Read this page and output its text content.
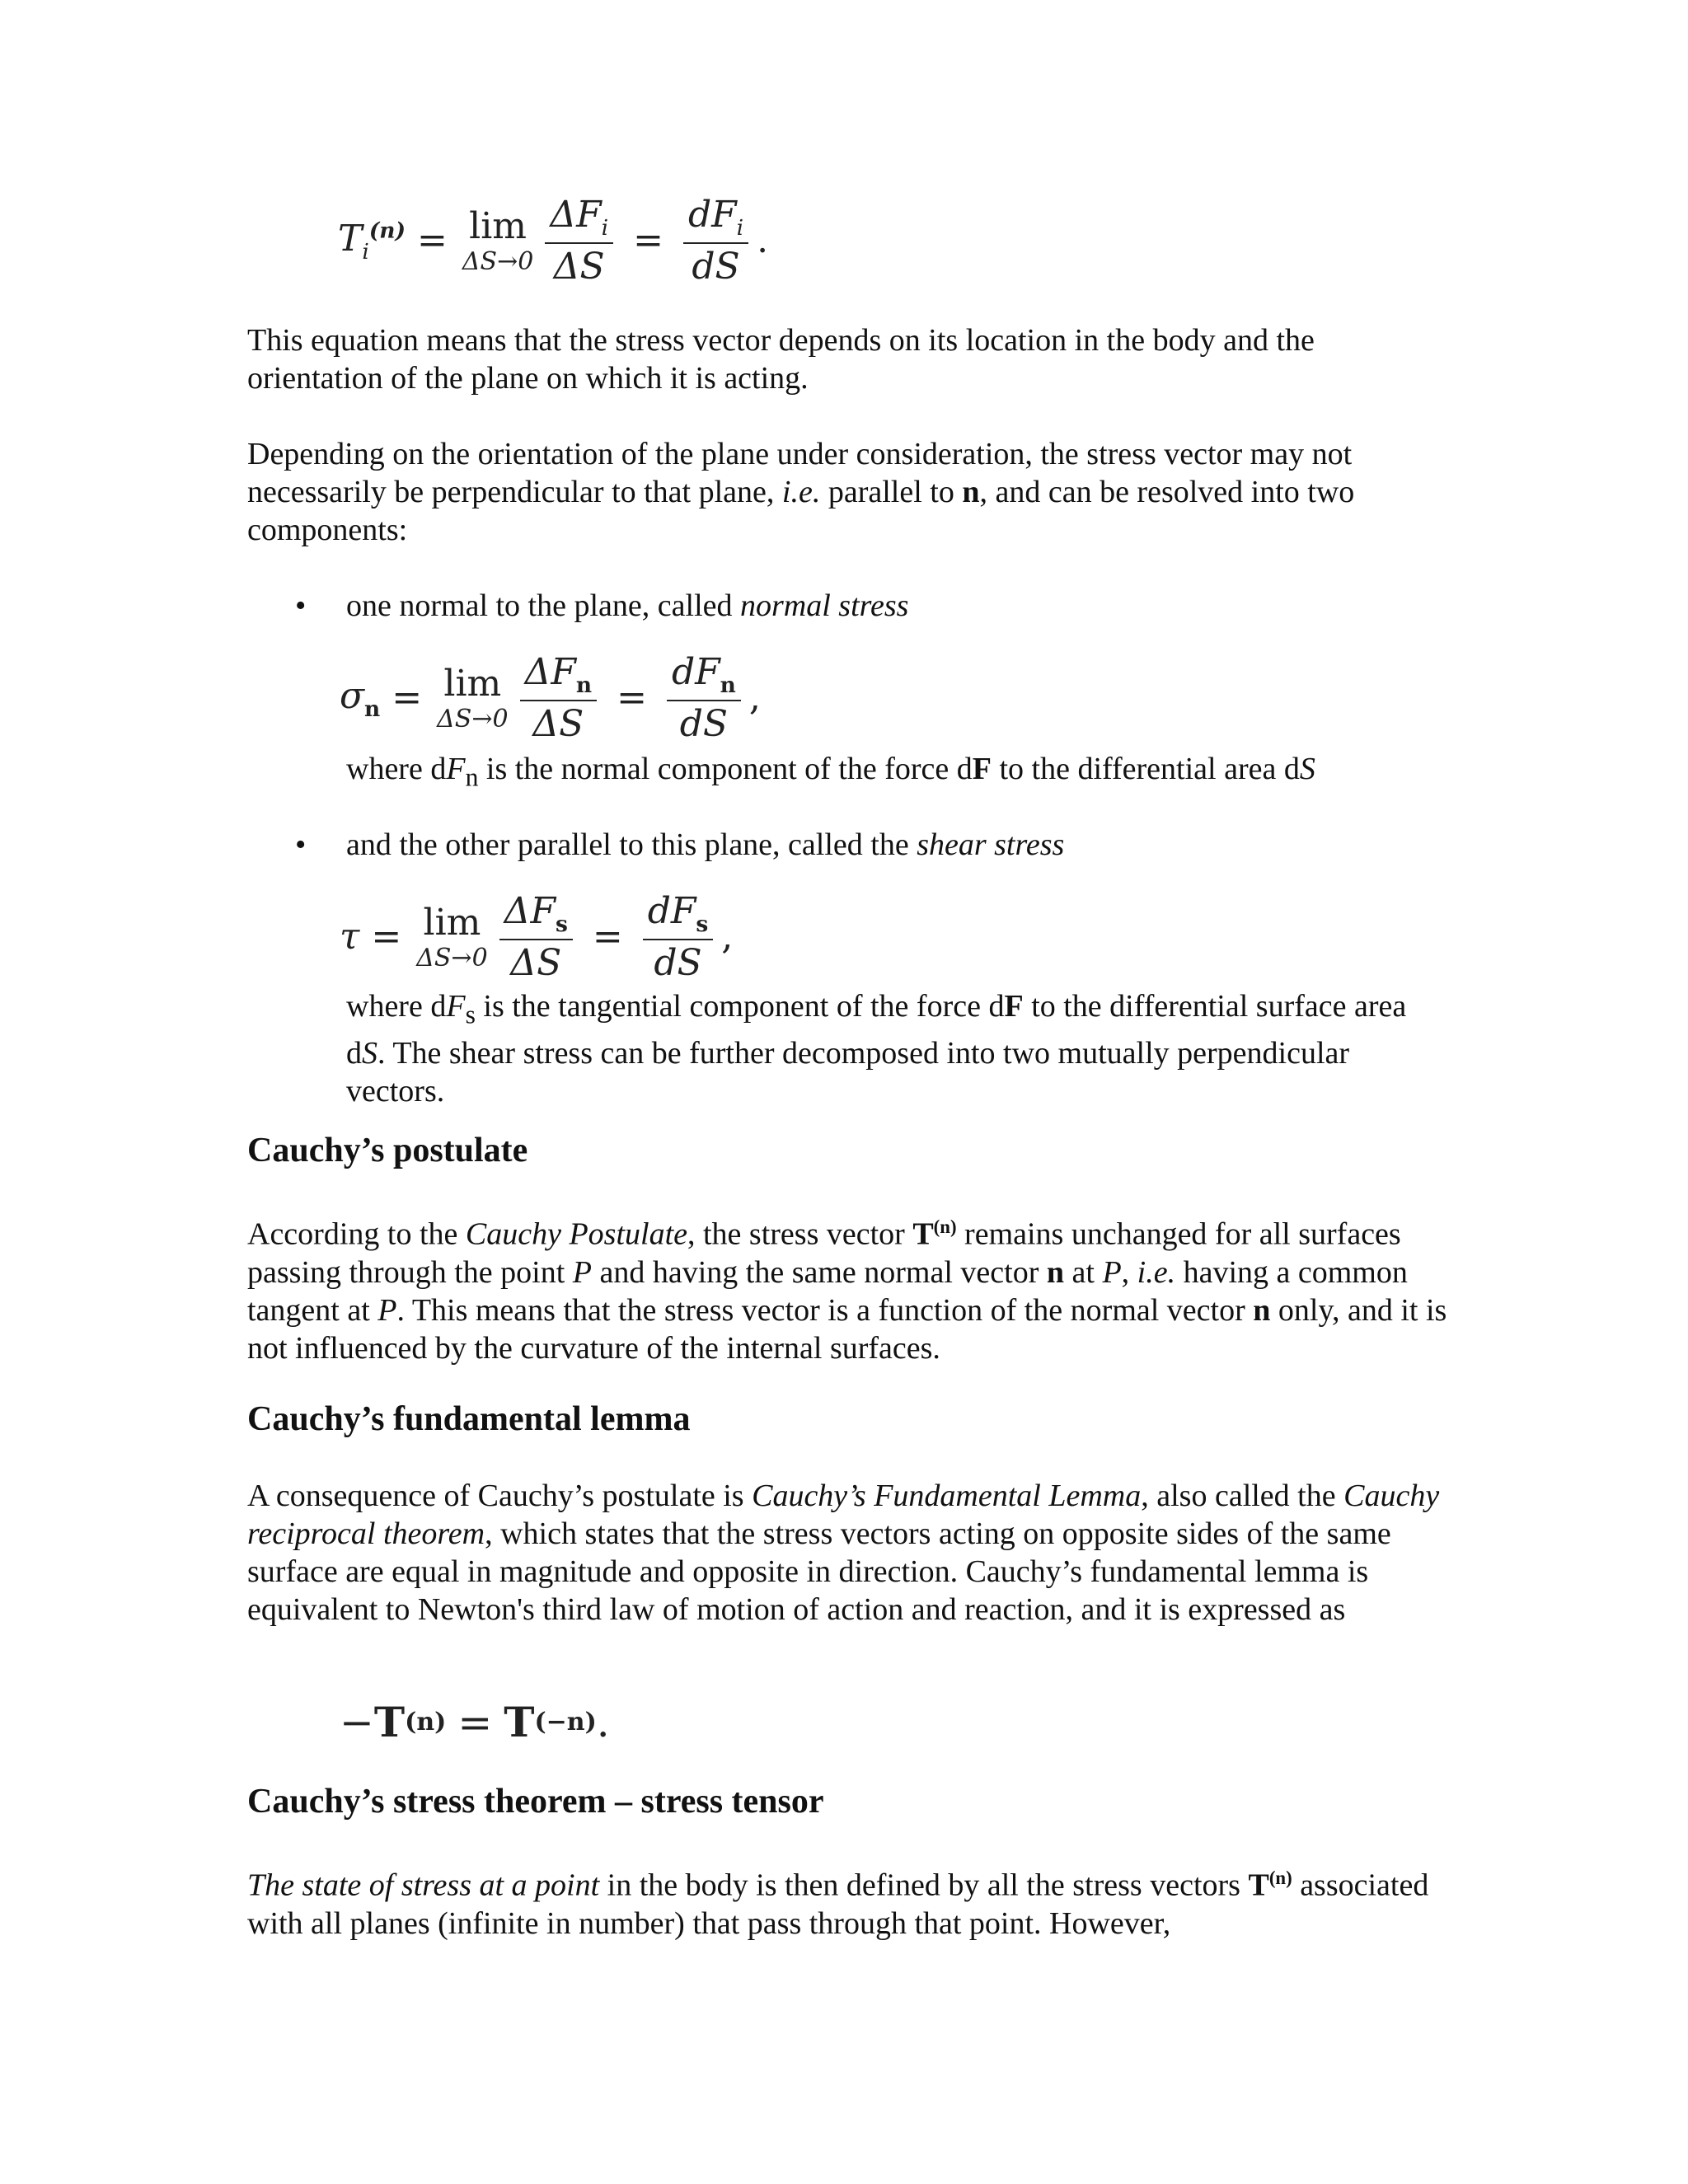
$T_i^{(n)} = \lim$
$\Delta S\to 0 \frac{\Delta F_i}{\Delta S} = \frac{dF_i}{dS}$ .

This equation means that the stress vector depends on its location in the body and the orientation of the plane on which it is acting.

Depending on the orientation of the plane under consideration, the stress vector may not necessarily be perpendicular to that plane, i.e. parallel to n, and can be resolved into two components:

• one normal to the plane, called normal stress

$\sigma_n = \lim$
$\Delta S\to 0 \frac{\Delta F_n}{\Delta S} = \frac{dF_n}{dS}$ ,

where $dF_n$ is the normal component of the force dF to the differential area dS

• and the other parallel to this plane, called the shear stress

τ = lim
$\Delta S\to 0 \frac{\Delta F_s}{\Delta S} = \frac{dF_s}{dS}$ ,

where $dF_s$ is the tangential component of the force dF to the differential surface area dS. The shear stress can be further decomposed into two mutually perpendicular vectors.

Cauchy’s postulate

According to the Cauchy Postulate, the stress vector $T^{(n)}$ remains unchanged for all surfaces passing through the point P and having the same normal vector n at P, i.e. having a common tangent at P. This means that the stress vector is a function of the normal vector n only, and it is not influenced by the curvature of the internal surfaces.

Cauchy’s fundamental lemma

A consequence of Cauchy’s postulate is Cauchy’s Fundamental Lemma, also called the Cauchy reciprocal theorem, which states that the stress vectors acting on opposite sides of the same surface are equal in magnitude and opposite in direction. Cauchy’s fundamental lemma is equivalent to Newton's third law of motion of action and reaction, and it is expressed as

− T (n) = T (−n) .
Cauchy’s stress theorem – stress tensor

The state of stress at a point in the body is then defined by all the stress vectors $T^{(n)}$ associated with all planes (infinite in number) that pass through that point. However,
